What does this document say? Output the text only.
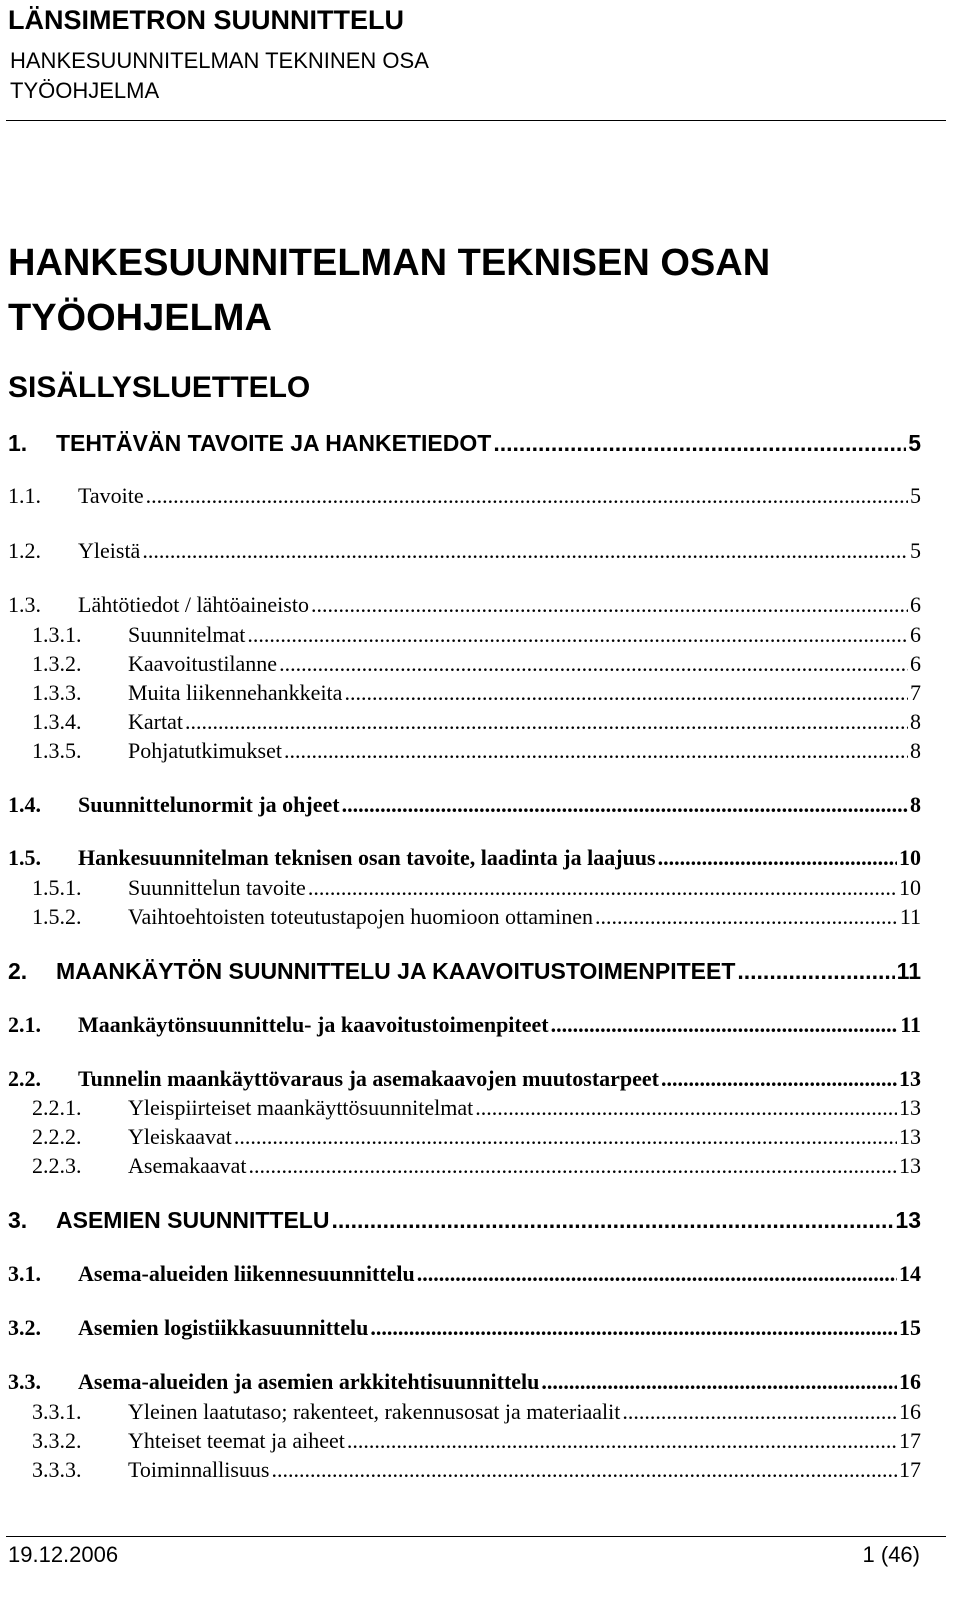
LÄNSIMETRON SUUNNITTELU
HANKESUUNNITELMAN TEKNINEN OSA
TYÖOHJELMA
HANKESUUNNITELMAN TEKNISEN OSAN
TYÖOHJELMA
SISÄLLYSLUETTELO
1. TEHTÄVÄN TAVOITE JA HANKETIEDOT .....	5
1.1. Tavoite .....	5
1.2. Yleistä .....	5
1.3. Lähtötiedot / lähtöaineisto .....	6
1.3.1. Suunnitelmat .....	6
1.3.2. Kaavoitustilanne .....	6
1.3.3. Muita liikennehankkeita .....	7
1.3.4. Kartat .....	8
1.3.5. Pohjatutkimukset .....	8
1.4. Suunnittelunormit ja ohjeet .....	8
1.5. Hankesuunnitelman teknisen osan tavoite, laadinta ja laajuus .....	10
1.5.1. Suunnittelun tavoite .....	10
1.5.2. Vaihtoehtoisten toteutustapojen huomioon ottaminen .....	11
2. MAANKÄYTÖN SUUNNITTELU JA KAAVOITUSTOIMENPITEET .....	11
2.1. Maankäytönsuunnittelu- ja kaavoitustoimenpiteet .....	11
2.2. Tunnelin maankäyttövaraus ja asemakaavojen muutostarpeet .....	13
2.2.1. Yleispiirteiset maankäyttösuunnitelmat .....	13
2.2.2. Yleiskaavat .....	13
2.2.3. Asemakaavat .....	13
3. ASEMIEN SUUNNITTELU .....	13
3.1. Asema-alueiden liikennesuunnittelu .....	14
3.2. Asemien logistiikkasuunnittelu .....	15
3.3. Asema-alueiden ja asemien arkkitehtisuunnittelu .....	16
3.3.1. Yleinen laatutaso; rakenteet, rakennusosat ja materiaalit .....	16
3.3.2. Yhteiset teemat ja aiheet .....	17
3.3.3. Toiminnallisuus .....	17
19.12.2006	1 (46)
